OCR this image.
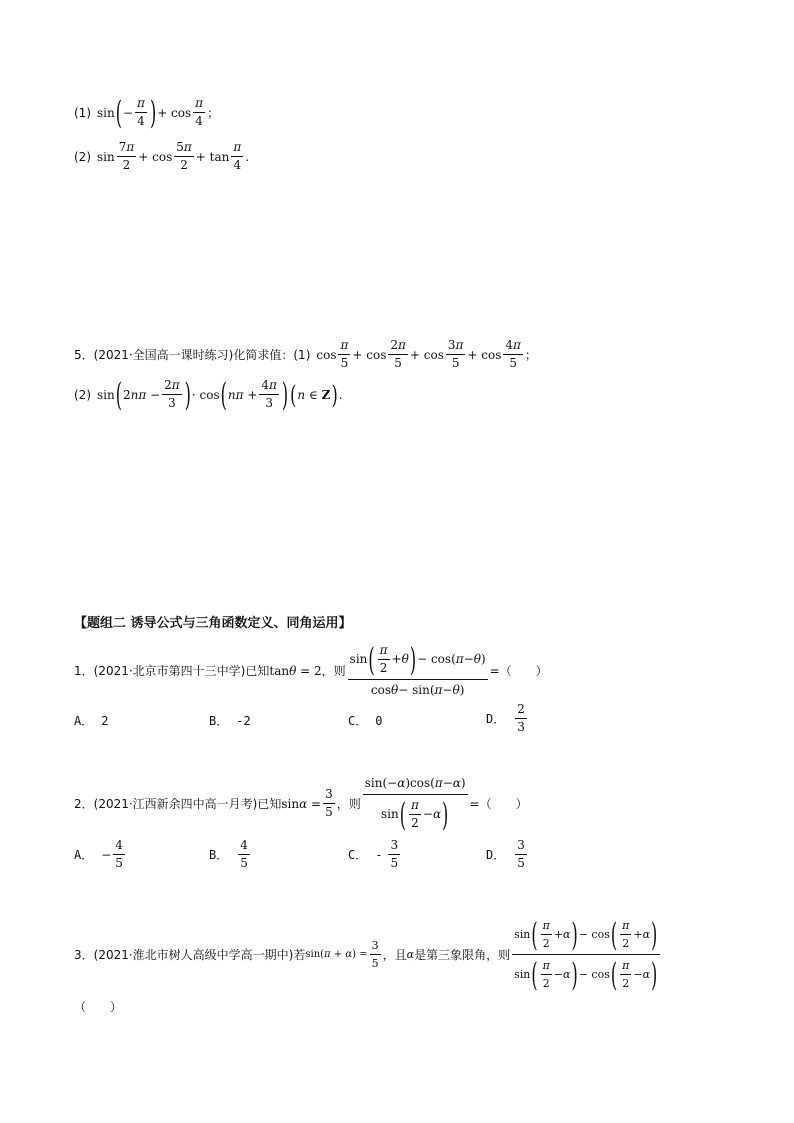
(1) sin ( − $\frac{\pi}{4}$ ) + $\cos \frac{\pi}{4}$ ；
(2) $\sin \frac{7 \pi}{2} + \cos \frac{5 \pi}{2} + \tan \frac{\pi}{4}$ .
5． (2021·全国高一课时练习) 化简求值： (1) $\cos \frac{\pi}{5} + \cos \frac{2 \pi}{5} + \cos \frac{3 \pi}{5} + \cos \frac{4 \pi}{5}$ ；
(2) sin ( $2n\pi - \frac{2 \pi}{3}$ ) · cos ( $n\pi + \frac{4 \pi}{3}$ ) ( n ∈ Z ) .
【题组二 诱导公式与三角函数定义、同角运用】
1． (2021·北京市第四十三中学) 已知 tanθ = 2 ，则 $\frac{\sin ( \frac{\pi}{2} + \theta ) - \cos( \pi - \theta )}{\text{cos θ − sin( π − θ )}}$ =（　　）
A． 2	B． -2	C． 0	D． $\frac{2}{3}$
2． (2021·江西新余四中高一月考) 已知 $\sin\alpha = \frac{3}{5}$ ，则 $\frac{\sin(- \alpha )\cos( \pi - \alpha )}{\sin ( \frac{\pi}{2} - \alpha )}$ =（　　）
A． − $\frac{4}{5}$	B． $\frac{4}{5}$	C． - $\frac{3}{5}$	D． $\frac{3}{5}$
3． (2021·淮北市树人高级中学高一期中) 若 $\sin(\pi + \alpha) = \frac{3}{5}$ ，且 α 是第三象限角，则 $\frac{\sin ( \frac{\pi}{2} + \alpha ) - \cos ( \frac{\pi}{2} + \alpha )}{\sin ( \frac{\pi}{2} - \alpha ) - \cos ( \frac{\pi}{2} - \alpha )}$
（　　）
